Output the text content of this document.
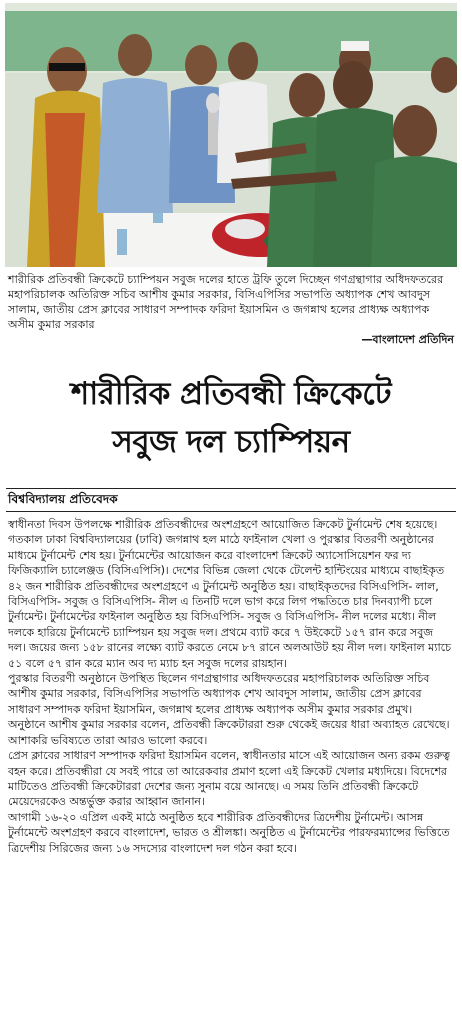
শারীরিক প্রতিবন্ধী ক্রিকেটে চ্যাম্পিয়ন সবুজ দলের হাতে ট্রফি তুলে দিচ্ছেন গণগ্রন্থাগার অধিদফতরের মহাপরিচালক অতিরিক্ত সচিব আশীষ কুমার সরকার, বিসিএপিসির সভাপতি অধ্যাপক শেখ আবদুস সালাম, জাতীয় প্রেস ক্লাবের সাধারণ সম্পাদক ফরিদা ইয়াসমিন ও জগন্নাথ হলের প্রাধ্যক্ষ অধ্যাপক অসীম কুমার সরকার

—বাংলাদেশ প্রতিদিন

শারীরিক প্রতিবন্ধী ক্রিকেটে
সবুজ দল চ্যাম্পিয়ন
বিশ্ববিদ্যালয় প্রতিবেদক

স্বাধীনতা দিবস উপলক্ষে শারীরিক প্রতিবন্ধীদের অংশগ্রহণে আয়োজিত ক্রিকেট টুর্নামেন্ট শেষ হয়েছে। গতকাল ঢাকা বিশ্ববিদ্যালয়ের (ঢাবি) জগন্নাথ হল মাঠে ফাইনাল খেলা ও পুরস্কার বিতরণী অনুষ্ঠানের মাধ্যমে টুর্নামেন্ট শেষ হয়। টুর্নামেন্টের আয়োজন করে বাংলাদেশ ক্রিকেট অ্যাসোসিয়েশন ফর দ্য ফিজিক্যালি চ্যালেঞ্জড (বিসিএপিসি)। দেশের বিভিন্ন জেলা থেকে টেলেন্ট হান্টিংয়ের মাধ্যমে বাছাইকৃত ৪২ জন শারীরিক প্রতিবন্ধীদের অংশগ্রহণে এ টুর্নামেন্ট অনুষ্ঠিত হয়। বাছাইকৃতদের বিসিএপিসি- লাল, বিসিএপিসি- সবুজ ও বিসিএপিসি- নীল এ তিনটি দলে ভাগ করে লিগ পদ্ধতিতে চার দিনব্যাপী চলে টুর্নামেন্ট। টুর্নামেন্টের ফাইনাল অনুষ্ঠিত হয় বিসিএপিসি- সবুজ ও বিসিএপিসি- নীল দলের মধ্যে। নীল দলকে হারিয়ে টুর্নামেন্টে চ্যাম্পিয়ন হয় সবুজ দল। প্রথমে ব্যাট করে ৭ উইকেটে ১৫৭ রান করে সবুজ দল। জয়ের জন্য ১৫৮ রানের লক্ষ্যে ব্যাট করতে নেমে ৮৭ রানে অলআউট হয় নীল দল। ফাইনাল ম্যাচে ৫১ বলে ৫৭ রান করে ম্যান অব দ্য ম্যাচ হন সবুজ দলের রায়হান।

পুরস্কার বিতরণী অনুষ্ঠানে উপস্থিত ছিলেন গণগ্রন্থাগার অধিদফতরের মহাপরিচালক অতিরিক্ত সচিব আশীষ কুমার সরকার, বিসিএপিসির সভাপতি অধ্যাপক শেখ আবদুস সালাম, জাতীয় প্রেস ক্লাবের সাধারণ সম্পাদক ফরিদা ইয়াসমিন, জগন্নাথ হলের প্রাধ্যক্ষ অধ্যাপক অসীম কুমার সরকার প্রমুখ।

অনুষ্ঠানে আশীষ কুমার সরকার বলেন, প্রতিবন্ধী ক্রিকেটাররা শুরু থেকেই জয়ের ধারা অব্যাহত রেখেছে। আশাকরি ভবিষ্যতে তারা আরও ভালো করবে।

প্রেস ক্লাবের সাধারণ সম্পাদক ফরিদা ইয়াসমিন বলেন, স্বাধীনতার মাসে এই আয়োজন অন্য রকম গুরুত্ব বহন করে। প্রতিবন্ধীরা যে সবই পারে তা আরেকবার প্রমাণ হলো এই ক্রিকেট খেলার মধ্যদিয়ে। বিদেশের মাটিতেও প্রতিবন্ধী ক্রিকেটাররা দেশের জন্য সুনাম বয়ে আনছে। এ সময় তিনি প্রতিবন্ধী ক্রিকেটে মেয়েদেরকেও অন্তর্ভুক্ত করার আহ্বান জানান।

আগামী ১৬-২০ এপ্রিল একই মাঠে অনুষ্ঠিত হবে শারীরিক প্রতিবন্ধীদের ত্রিদেশীয় টুর্নামেন্ট। আসন্ন টুর্নামেন্টে অংশগ্রহণ করবে বাংলাদেশ, ভারত ও শ্রীলঙ্কা। অনুষ্ঠিত এ টুর্নামেন্টের পারফরম্যান্সের ভিত্তিতে ত্রিদেশীয় সিরিজের জন্য ১৬ সদস্যের বাংলাদেশ দল গঠন করা হবে।
